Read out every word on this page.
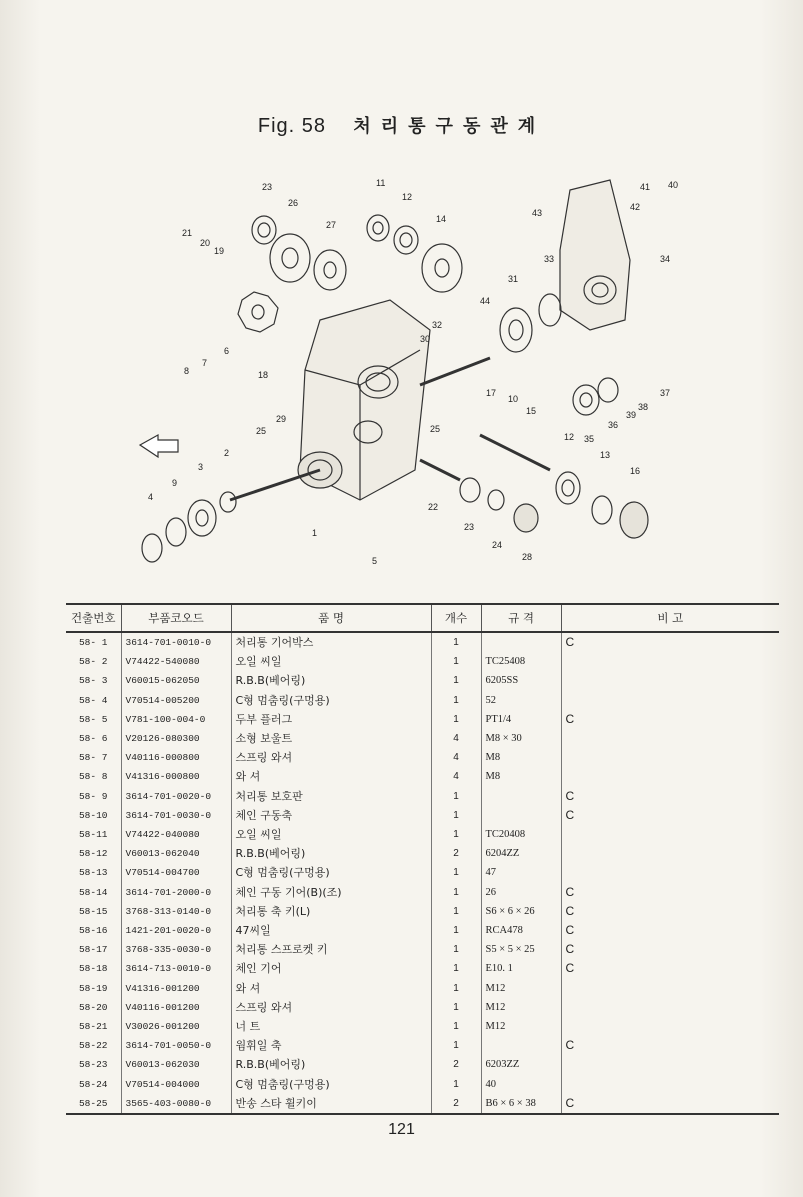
Fig. 58 처리통구동관계
23
26
27
11
12
14
21
20
19
18
6
7
8
31
44
33
43
41
42
40
34
32
30
17
10
15
37
38
39
36
35
12
13
16
29
25	25
2
3
9
4
1
22
23
24
28
5
건출번호	부품코오드	품 명	개수	규 격	비 고
58- 1	3614-701-0010-0	처리통 기어박스	1		C
58- 2	V74422-540080	오일 씨일	1	TC25408	
58- 3	V60015-062050	R.B.B(베어링)	1	6205SS	
58- 4	V70514-005200	C형 멈춤링(구멍용)	1	52	
58- 5	V781-100-004-0	두부 플러그	1	PT1/4	C
58- 6	V20126-080300	소형 보울트	4	M8 × 30	
58- 7	V40116-000800	스프링 와셔	4	M8	
58- 8	V41316-000800	와 셔	4	M8	
58- 9	3614-701-0020-0	처리통 보호판	1		C
58-10	3614-701-0030-0	체인 구동축	1		C
58-11	V74422-040080	오일 씨일	1	TC20408	
58-12	V60013-062040	R.B.B(베어링)	2	6204ZZ	
58-13	V70514-004700	C형 멈춤링(구멍용)	1	47	
58-14	3614-701-2000-0	체인 구동 기어(B)(조)	1	26	C
58-15	3768-313-0140-0	처리통 축 키(L)	1	S6 × 6 × 26	C
58-16	1421-201-0020-0	47씨일	1	RCA478	C
58-17	3768-335-0030-0	처리통 스프로켓 키	1	S5 × 5 × 25	C
58-18	3614-713-0010-0	체인 기어	1	E10. 1	C
58-19	V41316-001200	와 셔	1	M12	
58-20	V40116-001200	스프링 와셔	1	M12	
58-21	V30026-001200	너 트	1	M12	
58-22	3614-701-0050-0	웜휘일 축	1		C
58-23	V60013-062030	R.B.B(베어링)	2	6203ZZ	
58-24	V70514-004000	C형 멈춤링(구멍용)	1	40	
58-25	3565-403-0080-0	반송 스타 휠키이	2	B6 × 6 × 38	C
121
